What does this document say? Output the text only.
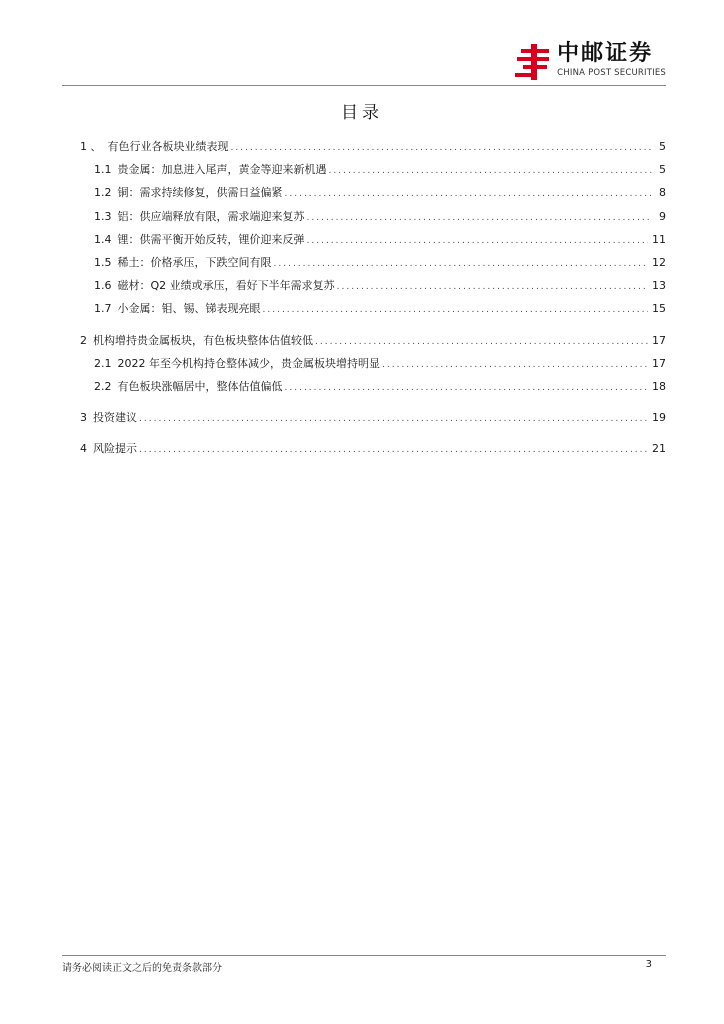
中邮证券
CHINA POST SECURITIES
目录
1 、 有色行业各板块业绩表现 .....	5
1.1 贵金属：加息进入尾声，黄金等迎来新机遇 .....	5
1.2 铜：需求持续修复，供需日益偏紧 .....	8
1.3 铝：供应端释放有限，需求端迎来复苏 .....	9
1.4 锂：供需平衡开始反转，锂价迎来反弹 .....	11
1.5 稀土：价格承压，下跌空间有限 .....	12
1.6 磁材：Q2 业绩或承压，看好下半年需求复苏 .....	13
1.7 小金属：钼、锡、锑表现亮眼 .....	15
2 机构增持贵金属板块，有色板块整体估值较低 .....	17
2.1 2022 年至今机构持仓整体减少，贵金属板块增持明显 .....	17
2.2 有色板块涨幅居中，整体估值偏低 .....	18
3 投资建议 .....	19
4 风险提示 .....	21
请务必阅读正文之后的免责条款部分	3
